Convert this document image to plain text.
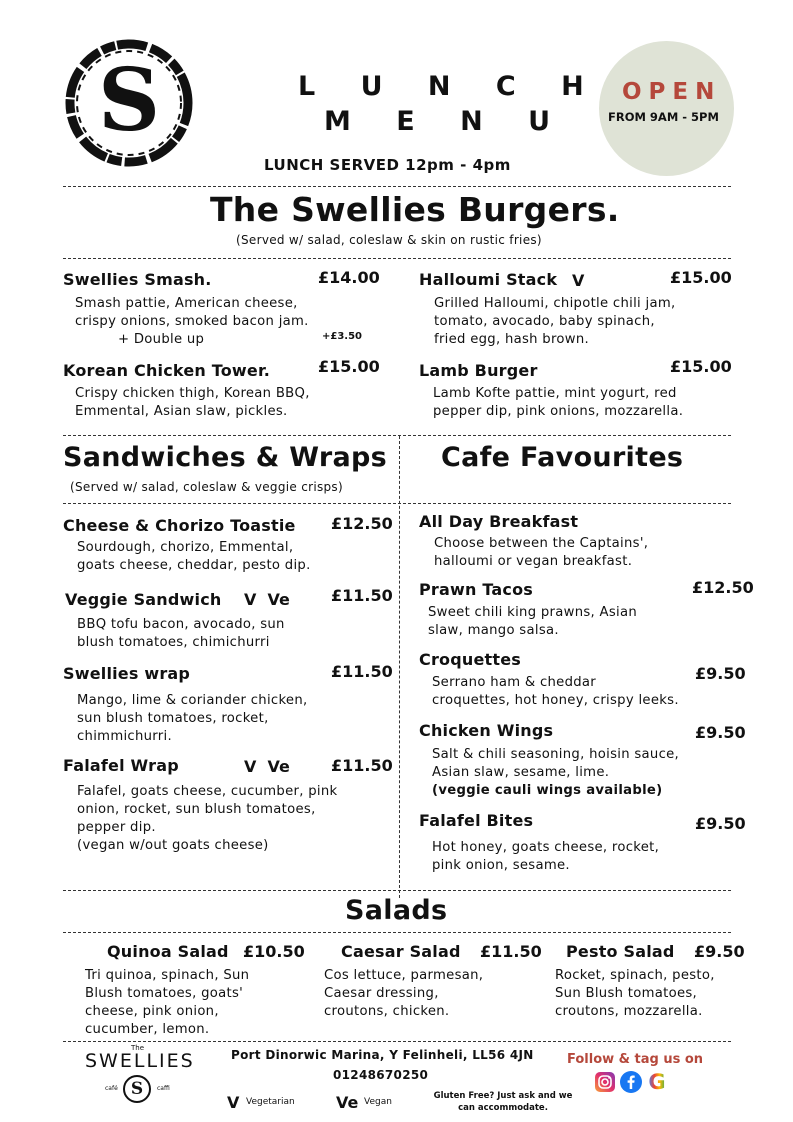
S	L U N C H
M E N U
LUNCH SERVED 12pm - 4pm
OPEN
FROM 9AM - 5PM
The Swellies Burgers.
(Served w/ salad, coleslaw & skin on rustic fries)
Swellies Smash.	£14.00
Smash pattie, American cheese,
crispy onions, smoked bacon jam.
+ Double up	+£3.50
Halloumi Stack V	£15.00
Grilled Halloumi, chipotle chili jam,
tomato, avocado, baby spinach,
fried egg, hash brown.
Korean Chicken Tower.	£15.00
Crispy chicken thigh, Korean BBQ,
Emmental, Asian slaw, pickles.
Lamb Burger	£15.00
Lamb Kofte pattie, mint yogurt, red
pepper dip, pink onions, mozzarella.
Sandwiches & Wraps
(Served w/ salad, coleslaw & veggie crisps)
Cafe Favourites
Cheese & Chorizo Toastie £12.50
Sourdough, chorizo, Emmental,
goats cheese, cheddar, pesto dip.
Veggie Sandwich V  Ve	£11.50
BBQ tofu bacon, avocado, sun
blush tomatoes, chimichurri
Swellies wrap	£11.50
Mango, lime & coriander chicken,
sun blush tomatoes, rocket,
chimmichurri.
Falafel Wrap	V  Ve	£11.50
Falafel, goats cheese, cucumber, pink
onion, rocket, sun blush tomatoes,
pepper dip.
(vegan w/out goats cheese)
All Day Breakfast
Choose between the Captains',
halloumi or vegan breakfast.
Prawn Tacos	£12.50
Sweet chili king prawns, Asian
slaw, mango salsa.
Croquettes
£9.50
Serrano ham & cheddar
croquettes, hot honey, crispy leeks.
Chicken Wings	£9.50
Salt & chili seasoning, hoisin sauce,
Asian slaw, sesame, lime.
(veggie cauli wings available)
Falafel Bites	£9.50
Hot honey, goats cheese, rocket,
pink onion, sesame.
Salads
Quinoa Salad £10.50
Tri quinoa, spinach, Sun
Blush tomatoes, goats'
cheese, pink onion,
cucumber, lemon.
Caesar Salad £11.50
Cos lettuce, parmesan,
Caesar dressing,
croutons, chicken.
Pesto Salad £9.50
Rocket, spinach, pesto,
Sun Blush tomatoes,
croutons, mozzarella.
The
SWELLIES
café S	caffi
Port Dinorwic Marina, Y Felinheli, LL56 4JN
01248670250
V Vegetarian	Ve Vegan
Gluten Free? Just ask and we
can accommodate.
Follow & tag us on
G
